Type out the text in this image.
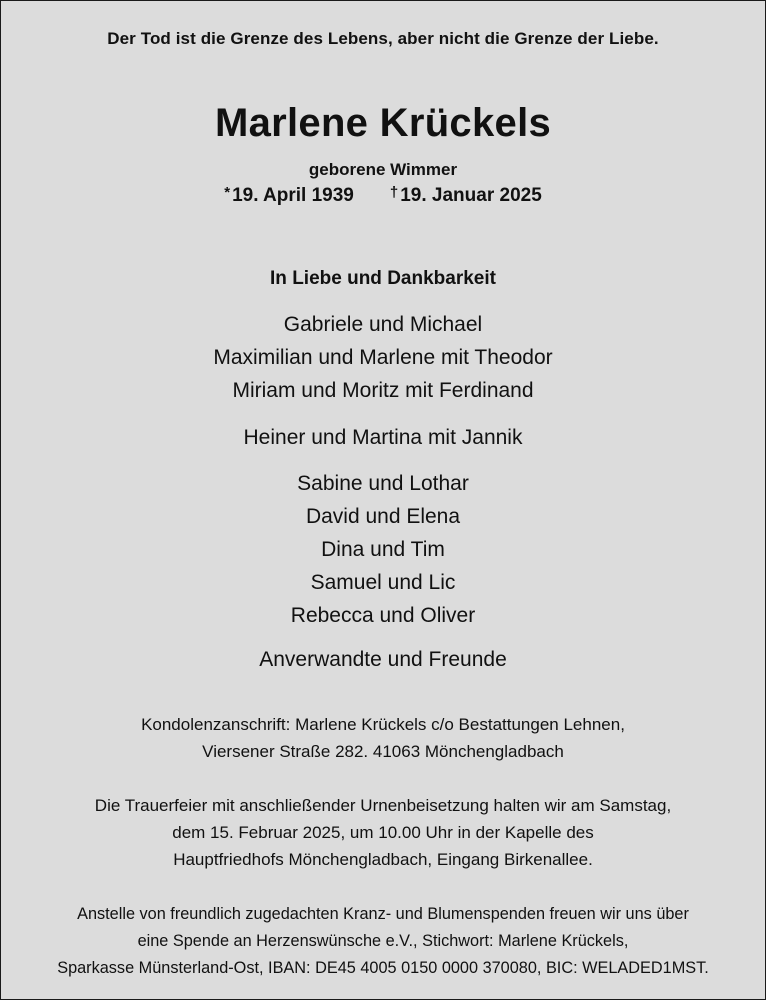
Der Tod ist die Grenze des Lebens, aber nicht die Grenze der Liebe.
Marlene Krückels
geborene Wimmer
* 19. April 1939 † 19. Januar 2025
In Liebe und Dankbarkeit
Gabriele und Michael
Maximilian und Marlene mit Theodor
Miriam und Moritz mit Ferdinand
Heiner und Martina mit Jannik
Sabine und Lothar
David und Elena
Dina und Tim
Samuel und Lic
Rebecca und Oliver
Anverwandte und Freunde
Kondolenzanschrift: Marlene Krückels c/o Bestattungen Lehnen,
Viersener Straße 282. 41063 Mönchengladbach
Die Trauerfeier mit anschließender Urnenbeisetzung halten wir am Samstag,
dem 15. Februar 2025, um 10.00 Uhr in der Kapelle des
Hauptfriedhofs Mönchengladbach, Eingang Birkenallee.
Anstelle von freundlich zugedachten Kranz- und Blumenspenden freuen wir uns über
eine Spende an Herzenswünsche e.V., Stichwort: Marlene Krückels,
Sparkasse Münsterland-Ost, IBAN: DE45 4005 0150 0000 370080, BIC: WELADED1MST.
